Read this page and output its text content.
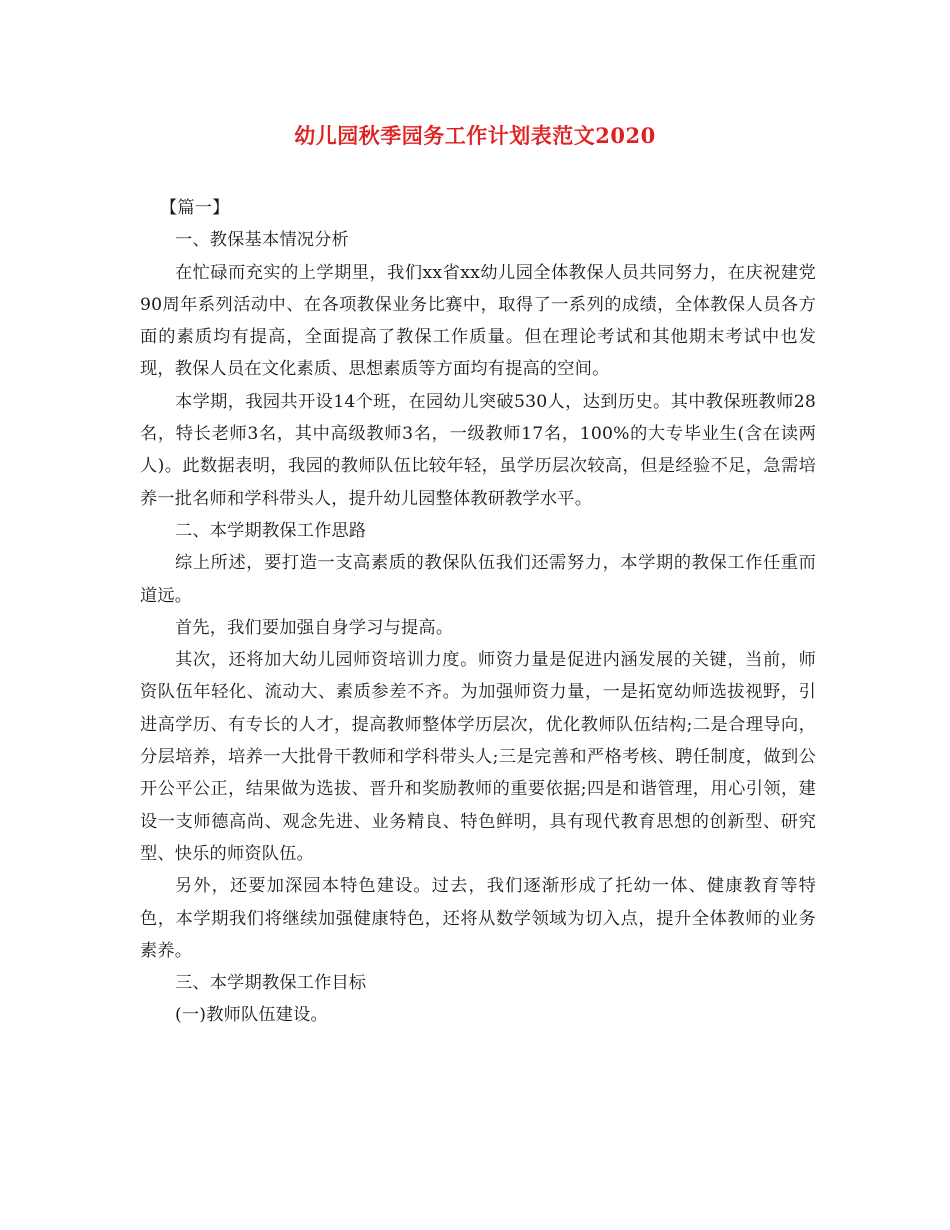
幼儿园秋季园务工作计划表范文2020

【篇一】

一、教保基本情况分析

在忙碌而充实的上学期里，我们xx省xx幼儿园全体教保人员共同努力，在庆祝建党90周年系列活动中、在各项教保业务比赛中，取得了一系列的成绩，全体教保人员各方面的素质均有提高，全面提高了教保工作质量。但在理论考试和其他期末考试中也发现，教保人员在文化素质、思想素质等方面均有提高的空间。

本学期，我园共开设14个班，在园幼儿突破530人，达到历史。其中教保班教师28名，特长老师3名，其中高级教师3名，一级教师17名，100%的大专毕业生(含在读两人)。此数据表明，我园的教师队伍比较年轻，虽学历层次较高，但是经验不足，急需培养一批名师和学科带头人，提升幼儿园整体教研教学水平。

二、本学期教保工作思路

综上所述，要打造一支高素质的教保队伍我们还需努力，本学期的教保工作任重而道远。

首先，我们要加强自身学习与提高。

其次，还将加大幼儿园师资培训力度。师资力量是促进内涵发展的关键，当前，师资队伍年轻化、流动大、素质参差不齐。为加强师资力量，一是拓宽幼师选拔视野，引进高学历、有专长的人才，提高教师整体学历层次，优化教师队伍结构;二是合理导向，分层培养，培养一大批骨干教师和学科带头人;三是完善和严格考核、聘任制度，做到公开公平公正，结果做为选拔、晋升和奖励教师的重要依据;四是和谐管理，用心引领，建设一支师德高尚、观念先进、业务精良、特色鲜明，具有现代教育思想的创新型、研究型、快乐的师资队伍。

另外，还要加深园本特色建设。过去，我们逐渐形成了托幼一体、健康教育等特色，本学期我们将继续加强健康特色，还将从数学领域为切入点，提升全体教师的业务素养。

三、本学期教保工作目标

(一)教师队伍建设。
